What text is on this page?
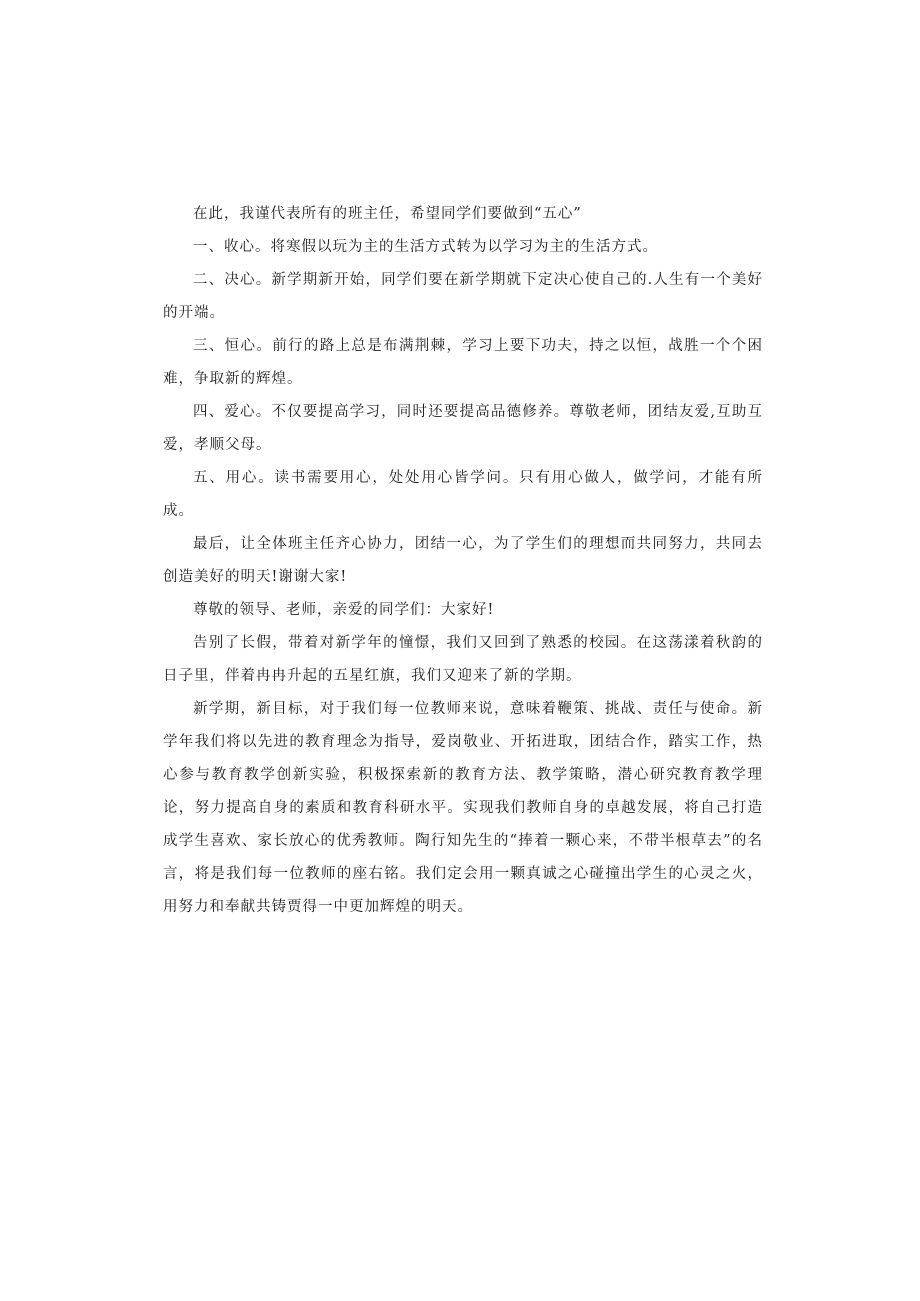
在此，我谨代表所有的班主任，希望同学们要做到“五心”

一、收心。将寒假以玩为主的生活方式转为以学习为主的生活方式。

二、决心。新学期新开始，同学们要在新学期就下定决心使自己的.人生有一个美好的开端。

三、恒心。前行的路上总是布满荆棘，学习上要下功夫，持之以恒，战胜一个个困难，争取新的辉煌。

四、爱心。不仅要提高学习，同时还要提高品德修养。尊敬老师，团结友爱,互助互爱，孝顺父母。

五、用心。读书需要用心，处处用心皆学问。只有用心做人，做学问，才能有所成。

最后，让全体班主任齐心协力，团结一心，为了学生们的理想而共同努力，共同去创造美好的明天!谢谢大家!

尊敬的领导、老师，亲爱的同学们：大家好!

告别了长假，带着对新学年的憧憬，我们又回到了熟悉的校园。在这荡漾着秋韵的日子里，伴着冉冉升起的五星红旗，我们又迎来了新的学期。

新学期，新目标，对于我们每一位教师来说，意味着鞭策、挑战、责任与使命。新学年我们将以先进的教育理念为指导，爱岗敬业、开拓进取，团结合作，踏实工作，热心参与教育教学创新实验，积极探索新的教育方法、教学策略，潜心研究教育教学理论，努力提高自身的素质和教育科研水平。实现我们教师自身的卓越发展，将自己打造成学生喜欢、家长放心的优秀教师。陶行知先生的“捧着一颗心来，不带半根草去”的名言，将是我们每一位教师的座右铭。我们定会用一颗真诚之心碰撞出学生的心灵之火，用努力和奉献共铸贾得一中更加辉煌的明天。
